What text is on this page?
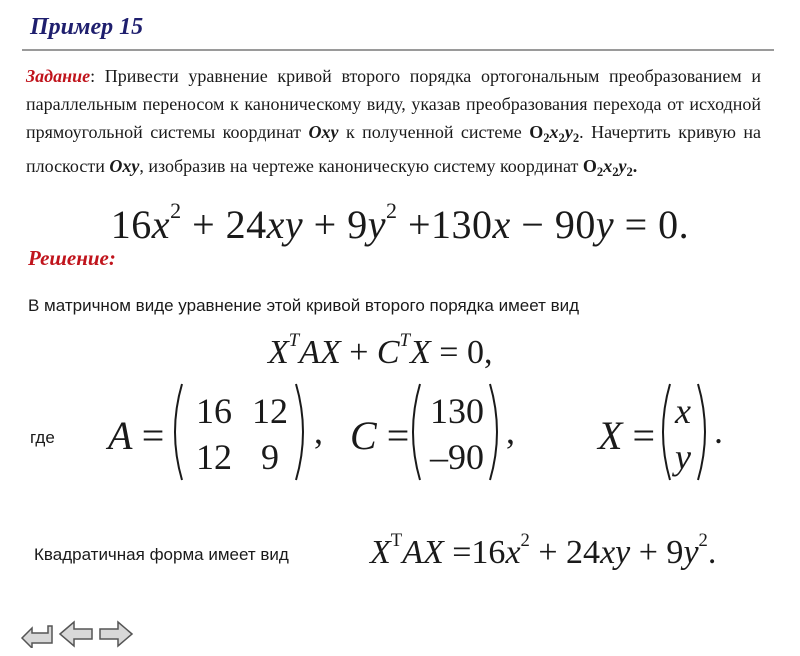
Пример 15
Задание: Привести уравнение кривой второго порядка ортогональным преобразованием и параллельным переносом к каноническому виду, указав преобразования перехода от исходной прямоугольной системы координат Oxy к полученной системе $O_2x_2y_2$. Начертить кривую на плоскости Oxy, изобразив на чертеже каноническую систему координат $O_2x_2y_2$.
$16x^2 + 24xy + 9y^2 +130x - 90y = 0$.
Решение:
В матричном виде уравнение этой кривой второго порядка имеет вид
$X^TAX + C^TX = 0$,
где A =
16 12
12 9
, C =
130
–90
, X =
x
y
.
Квадратичная форма имеет вид $X^TAX =16x^2 + 24xy + 9y^2$.
